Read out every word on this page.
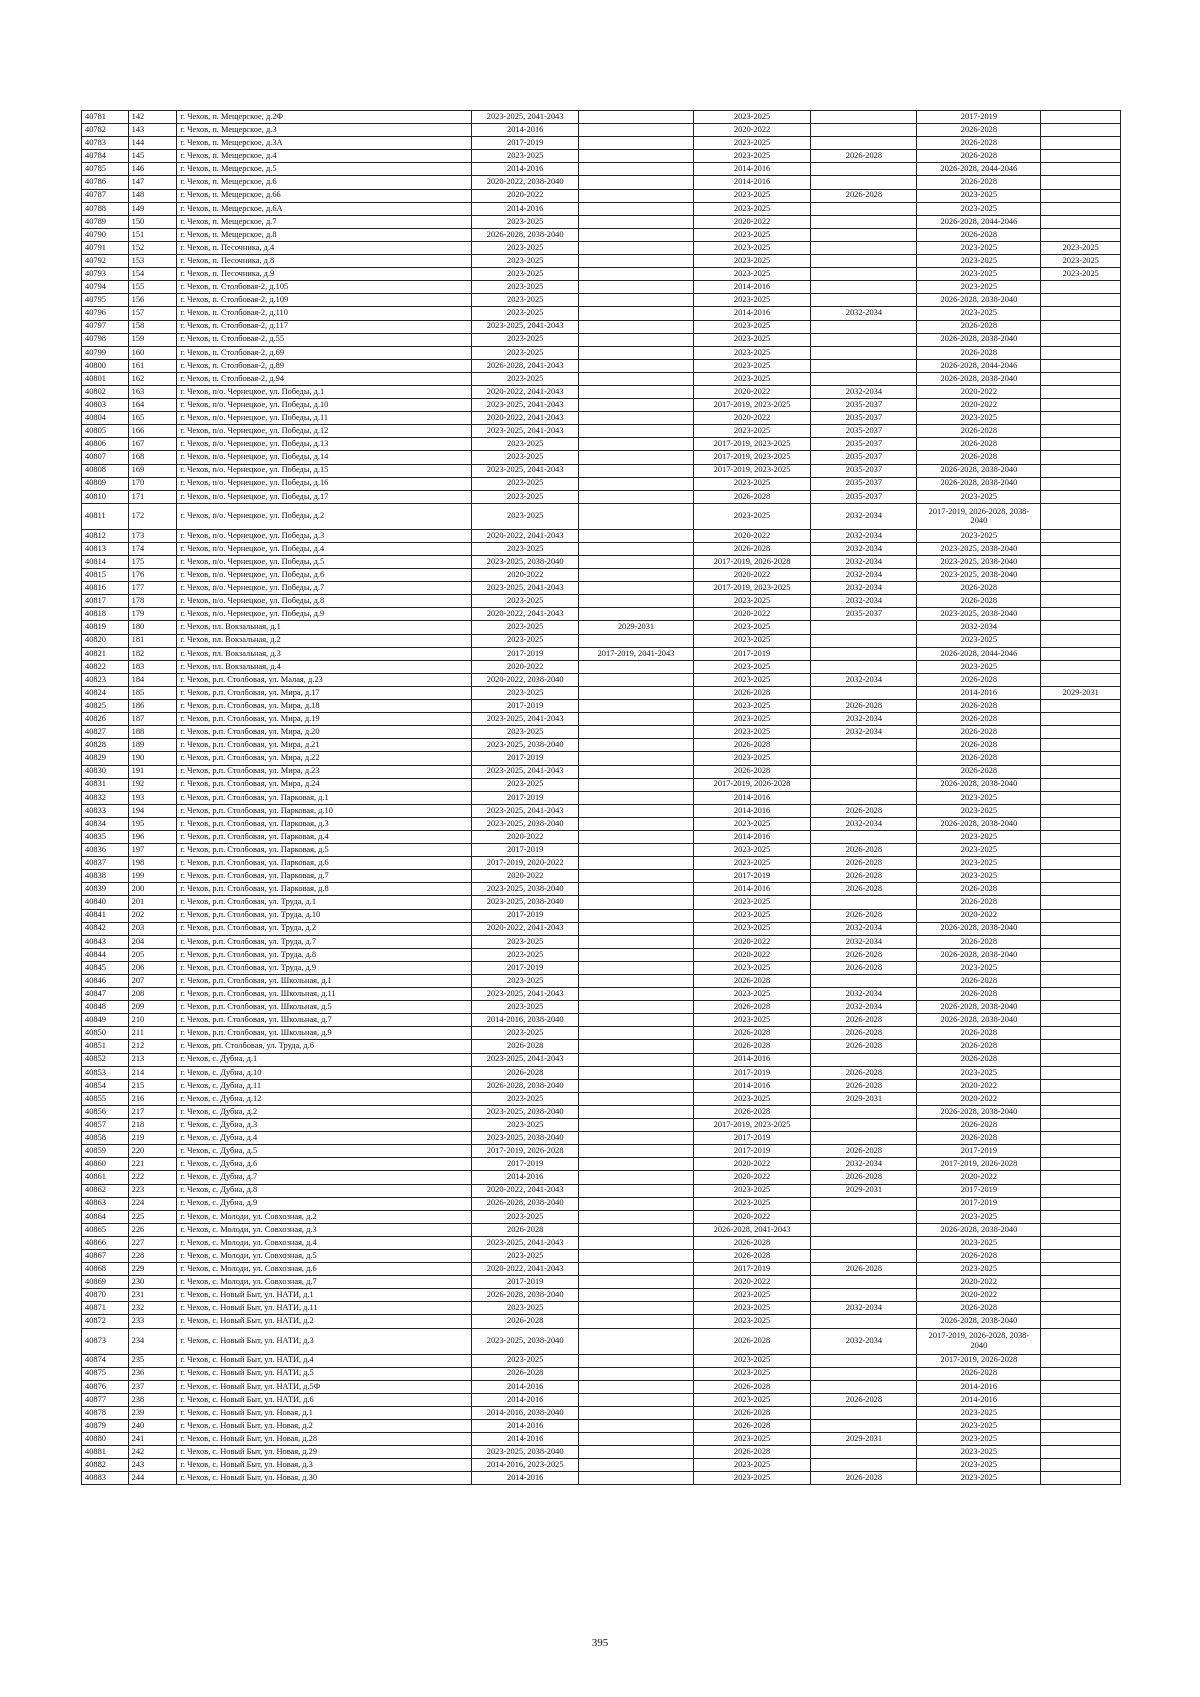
40781	142	г. Чехов, п. Мещерское, д.2Ф	2023-2025, 2041-2043		2023-2025		2017-2019	
40782	143	г. Чехов, п. Мещерское, д.3	2014-2016		2020-2022		2026-2028	
40783	144	г. Чехов, п. Мещерское, д.3А	2017-2019		2023-2025		2026-2028	
40784	145	г. Чехов, п. Мещерское, д.4	2023-2025		2023-2025	2026-2028	2026-2028	
40785	146	г. Чехов, п. Мещерское, д.5	2014-2016		2014-2016		2026-2028, 2044-2046	
40786	147	г. Чехов, п. Мещерское, д.6	2020-2022, 2038-2040		2014-2016		2026-2028	
40787	148	г. Чехов, п. Мещерское, д.66	2020-2022		2023-2025	2026-2028	2023-2025	
40788	149	г. Чехов, п. Мещерское, д.6А	2014-2016		2023-2025		2023-2025	
40789	150	г. Чехов, п. Мещерское, д.7	2023-2025		2020-2022		2026-2028, 2044-2046	
40790	151	г. Чехов, п. Мещерское, д.8	2026-2028, 2038-2040		2023-2025		2026-2028	
40791	152	г. Чехов, п. Песочника, д.4	2023-2025		2023-2025		2023-2025	2023-2025
40792	153	г. Чехов, п. Песочника, д.8	2023-2025		2023-2025		2023-2025	2023-2025
40793	154	г. Чехов, п. Песочника, д.9	2023-2025		2023-2025		2023-2025	2023-2025
40794	155	г. Чехов, п. Столбовая-2, д.105	2023-2025		2014-2016		2023-2025	
40795	156	г. Чехов, п. Столбовая-2, д.109	2023-2025		2023-2025		2026-2028, 2038-2040	
40796	157	г. Чехов, п. Столбовая-2, д.110	2023-2025		2014-2016	2032-2034	2023-2025	
40797	158	г. Чехов, п. Столбовая-2, д.117	2023-2025, 2041-2043		2023-2025		2026-2028	
40798	159	г. Чехов, п. Столбовая-2, д.55	2023-2025		2023-2025		2026-2028, 2038-2040	
40799	160	г. Чехов, п. Столбовая-2, д.69	2023-2025		2023-2025		2026-2028	
40800	161	г. Чехов, п. Столбовая-2, д.89	2026-2028, 2041-2043		2023-2025		2026-2028, 2044-2046	
40801	162	г. Чехов, п. Столбовая-2, д.94	2023-2025		2023-2025		2026-2028, 2038-2040	
40802	163	г. Чехов, п/о. Чернецкое, ул. Победы, д.1	2020-2022, 2041-2043		2020-2022	2032-2034	2020-2022	
40803	164	г. Чехов, п/о. Чернецкое, ул. Победы, д.10	2023-2025, 2041-2043		2017-2019, 2023-2025	2035-2037	2020-2022	
40804	165	г. Чехов, п/о. Чернецкое, ул. Победы, д.11	2020-2022, 2041-2043		2020-2022	2035-2037	2023-2025	
40805	166	г. Чехов, п/о. Чернецкое, ул. Победы, д.12	2023-2025, 2041-2043		2023-2025	2035-2037	2026-2028	
40806	167	г. Чехов, п/о. Чернецкое, ул. Победы, д.13	2023-2025		2017-2019, 2023-2025	2035-2037	2026-2028	
40807	168	г. Чехов, п/о. Чернецкое, ул. Победы, д.14	2023-2025		2017-2019, 2023-2025	2035-2037	2026-2028	
40808	169	г. Чехов, п/о. Чернецкое, ул. Победы, д.15	2023-2025, 2041-2043		2017-2019, 2023-2025	2035-2037	2026-2028, 2038-2040	
40809	170	г. Чехов, п/о. Чернецкое, ул. Победы, д.16	2023-2025		2023-2025	2035-2037	2026-2028, 2038-2040	
40810	171	г. Чехов, п/о. Чернецкое, ул. Победы, д.17	2023-2025		2026-2028	2035-2037	2023-2025	
40811	172	г. Чехов, п/о. Чернецкое, ул. Победы, д.2	2023-2025		2023-2025	2032-2034	2017-2019, 2026-2028, 2038-2040	
40812	173	г. Чехов, п/о. Чернецкое, ул. Победы, д.3	2020-2022, 2041-2043		2020-2022	2032-2034	2023-2025	
40813	174	г. Чехов, п/о. Чернецкое, ул. Победы, д.4	2023-2025		2026-2028	2032-2034	2023-2025, 2038-2040	
40814	175	г. Чехов, п/о. Чернецкое, ул. Победы, д.5	2023-2025, 2038-2040		2017-2019, 2026-2028	2032-2034	2023-2025, 2038-2040	
40815	176	г. Чехов, п/о. Чернецкое, ул. Победы, д.6	2020-2022		2020-2022	2032-2034	2023-2025, 2038-2040	
40816	177	г. Чехов, п/о. Чернецкое, ул. Победы, д.7	2023-2025, 2041-2043		2017-2019, 2023-2025	2032-2034	2026-2028	
40817	178	г. Чехов, п/о. Чернецкое, ул. Победы, д.8	2023-2025		2023-2025	2032-2034	2026-2028	
40818	179	г. Чехов, п/о. Чернецкое, ул. Победы, д.9	2020-2022, 2041-2043		2020-2022	2035-2037	2023-2025, 2038-2040	
40819	180	г. Чехов, пл. Вокзальная, д.1	2023-2025	2029-2031	2023-2025		2032-2034	
40820	181	г. Чехов, пл. Вокзальная, д.2	2023-2025		2023-2025		2023-2025	
40821	182	г. Чехов, пл. Вокзальная, д.3	2017-2019	2017-2019, 2041-2043	2017-2019		2026-2028, 2044-2046	
40822	183	г. Чехов, пл. Вокзальная, д.4	2020-2022		2023-2025		2023-2025	
40823	184	г. Чехов, р.п. Столбовая, ул. Малая, д.23	2020-2022, 2038-2040		2023-2025	2032-2034	2026-2028	
40824	185	г. Чехов, р.п. Столбовая, ул. Мира, д.17	2023-2025		2026-2028		2014-2016	2029-2031
40825	186	г. Чехов, р.п. Столбовая, ул. Мира, д.18	2017-2019		2023-2025	2026-2028	2026-2028	
40826	187	г. Чехов, р.п. Столбовая, ул. Мира, д.19	2023-2025, 2041-2043		2023-2025	2032-2034	2026-2028	
40827	188	г. Чехов, р.п. Столбовая, ул. Мира, д.20	2023-2025		2023-2025	2032-2034	2026-2028	
40828	189	г. Чехов, р.п. Столбовая, ул. Мира, д.21	2023-2025, 2038-2040		2026-2028		2026-2028	
40829	190	г. Чехов, р.п. Столбовая, ул. Мира, д.22	2017-2019		2023-2025		2026-2028	
40830	191	г. Чехов, р.п. Столбовая, ул. Мира, д.23	2023-2025, 2041-2043		2026-2028		2026-2028	
40831	192	г. Чехов, р.п. Столбовая, ул. Мира, д.24	2023-2025		2017-2019, 2026-2028		2026-2028, 2038-2040	
40832	193	г. Чехов, р.п. Столбовая, ул. Парковая, д.1	2017-2019		2014-2016		2023-2025	
40833	194	г. Чехов, р.п. Столбовая, ул. Парковая, д.10	2023-2025, 2041-2043		2014-2016	2026-2028	2023-2025	
40834	195	г. Чехов, р.п. Столбовая, ул. Парковая, д.3	2023-2025, 2038-2040		2023-2025	2032-2034	2026-2028, 2038-2040	
40835	196	г. Чехов, р.п. Столбовая, ул. Парковая, д.4	2020-2022		2014-2016		2023-2025	
40836	197	г. Чехов, р.п. Столбовая, ул. Парковая, д.5	2017-2019		2023-2025	2026-2028	2023-2025	
40837	198	г. Чехов, р.п. Столбовая, ул. Парковая, д.6	2017-2019, 2020-2022		2023-2025	2026-2028	2023-2025	
40838	199	г. Чехов, р.п. Столбовая, ул. Парковая, д.7	2020-2022		2017-2019	2026-2028	2023-2025	
40839	200	г. Чехов, р.п. Столбовая, ул. Парковая, д.8	2023-2025, 2038-2040		2014-2016	2026-2028	2026-2028	
40840	201	г. Чехов, р.п. Столбовая, ул. Труда, д.1	2023-2025, 2038-2040		2023-2025		2026-2028	
40841	202	г. Чехов, р.п. Столбовая, ул. Труда, д.10	2017-2019		2023-2025	2026-2028	2020-2022	
40842	203	г. Чехов, р.п. Столбовая, ул. Труда, д.2	2020-2022, 2041-2043		2023-2025	2032-2034	2026-2028, 2038-2040	
40843	204	г. Чехов, р.п. Столбовая, ул. Труда, д.7	2023-2025		2020-2022	2032-2034	2026-2028	
40844	205	г. Чехов, р.п. Столбовая, ул. Труда, д.8	2023-2025		2020-2022	2026-2028	2026-2028, 2038-2040	
40845	206	г. Чехов, р.п. Столбовая, ул. Труда, д.9	2017-2019		2023-2025	2026-2028	2023-2025	
40846	207	г. Чехов, р.п. Столбовая, ул. Школьная, д.1	2023-2025		2026-2028		2026-2028	
40847	208	г. Чехов, р.п. Столбовая, ул. Школьная, д.11	2023-2025, 2041-2043		2023-2025	2032-2034	2026-2028	
40848	209	г. Чехов, р.п. Столбовая, ул. Школьная, д.5	2023-2025		2026-2028	2032-2034	2026-2028, 2038-2040	
40849	210	г. Чехов, р.п. Столбовая, ул. Школьная, д.7	2014-2016, 2038-2040		2023-2025	2026-2028	2026-2028, 2038-2040	
40850	211	г. Чехов, р.п. Столбовая, ул. Школьная, д.9	2023-2025		2026-2028	2026-2028	2026-2028	
40851	212	г. Чехов, рп. Столбовая, ул. Труда, д.6	2026-2028		2026-2028	2026-2028	2026-2028	
40852	213	г. Чехов, с. Дубна, д.1	2023-2025, 2041-2043		2014-2016		2026-2028	
40853	214	г. Чехов, с. Дубна, д.10	2026-2028		2017-2019	2026-2028	2023-2025	
40854	215	г. Чехов, с. Дубна, д.11	2026-2028, 2038-2040		2014-2016	2026-2028	2020-2022	
40855	216	г. Чехов, с. Дубна, д.12	2023-2025		2023-2025	2029-2031	2020-2022	
40856	217	г. Чехов, с. Дубна, д.2	2023-2025, 2038-2040		2026-2028		2026-2028, 2038-2040	
40857	218	г. Чехов, с. Дубна, д.3	2023-2025		2017-2019, 2023-2025		2026-2028	
40858	219	г. Чехов, с. Дубна, д.4	2023-2025, 2038-2040		2017-2019		2026-2028	
40859	220	г. Чехов, с. Дубна, д.5	2017-2019, 2026-2028		2017-2019	2026-2028	2017-2019	
40860	221	г. Чехов, с. Дубна, д.6	2017-2019		2020-2022	2032-2034	2017-2019, 2026-2028	
40861	222	г. Чехов, с. Дубна, д.7	2014-2016		2020-2022	2026-2028	2020-2022	
40862	223	г. Чехов, с. Дубна, д.8	2020-2022, 2041-2043		2023-2025	2029-2031	2017-2019	
40863	224	г. Чехов, с. Дубна, д.9	2026-2028, 2038-2040		2023-2025		2017-2019	
40864	225	г. Чехов, с. Молоди, ул. Совхозная, д.2	2023-2025		2020-2022		2023-2025	
40865	226	г. Чехов, с. Молоди, ул. Совхозная, д.3	2026-2028		2026-2028, 2041-2043		2026-2028, 2038-2040	
40866	227	г. Чехов, с. Молоди, ул. Совхозная, д.4	2023-2025, 2041-2043		2026-2028		2023-2025	
40867	228	г. Чехов, с. Молоди, ул. Совхозная, д.5	2023-2025		2026-2028		2026-2028	
40868	229	г. Чехов, с. Молоди, ул. Совхозная, д.6	2020-2022, 2041-2043		2017-2019	2026-2028	2023-2025	
40869	230	г. Чехов, с. Молоди, ул. Совхозная, д.7	2017-2019		2020-2022		2020-2022	
40870	231	г. Чехов, с. Новый Быт, ул. НАТИ, д.1	2026-2028, 2038-2040		2023-2025		2020-2022	
40871	232	г. Чехов, с. Новый Быт, ул. НАТИ, д.11	2023-2025		2023-2025	2032-2034	2026-2028	
40872	233	г. Чехов, с. Новый Быт, ул. НАТИ, д.2	2026-2028		2023-2025		2026-2028, 2038-2040	
40873	234	г. Чехов, с. Новый Быт, ул. НАТИ, д.3	2023-2025, 2038-2040		2026-2028	2032-2034	2017-2019, 2026-2028, 2038-2040	
40874	235	г. Чехов, с. Новый Быт, ул. НАТИ, д.4	2023-2025		2023-2025		2017-2019, 2026-2028	
40875	236	г. Чехов, с. Новый Быт, ул. НАТИ, д.5	2026-2028		2023-2025		2026-2028	
40876	237	г. Чехов, с. Новый Быт, ул. НАТИ, д.5Ф	2014-2016		2026-2028		2014-2016	
40877	238	г. Чехов, с. Новый Быт, ул. НАТИ, д.6	2014-2016		2023-2025	2026-2028	2014-2016	
40878	239	г. Чехов, с. Новый Быт, ул. Новая, д.1	2014-2016, 2038-2040		2026-2028		2023-2025	
40879	240	г. Чехов, с. Новый Быт, ул. Новая, д.2	2014-2016		2026-2028		2023-2025	
40880	241	г. Чехов, с. Новый Быт, ул. Новая, д.28	2014-2016		2023-2025	2029-2031	2023-2025	
40881	242	г. Чехов, с. Новый Быт, ул. Новая, д.29	2023-2025, 2038-2040		2026-2028		2023-2025	
40882	243	г. Чехов, с. Новый Быт, ул. Новая, д.3	2014-2016, 2023-2025		2023-2025		2023-2025	
40883	244	г. Чехов, с. Новый Быт, ул. Новая, д.30	2014-2016		2023-2025	2026-2028	2023-2025	
395
